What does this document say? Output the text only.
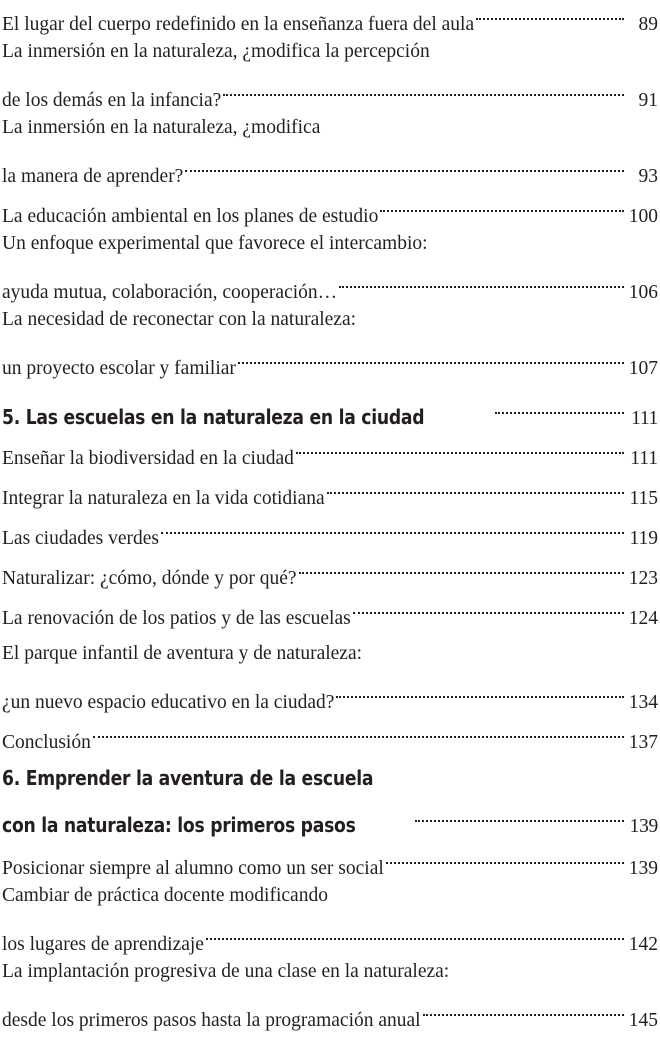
El lugar del cuerpo redefinido en la enseñanza fuera del aula	89
La inmersión en la naturaleza, ¿modifica la percepción
de los demás en la infancia?	91
La inmersión en la naturaleza, ¿modifica
la manera de aprender?	93
La educación ambiental en los planes de estudio	100
Un enfoque experimental que favorece el intercambio:
ayuda mutua, colaboración, cooperación…	106
La necesidad de reconectar con la naturaleza:
un proyecto escolar y familiar	107
5. Las escuelas en la naturaleza en la ciudad	111
Enseñar la biodiversidad en la ciudad	111
Integrar la naturaleza en la vida cotidiana	115
Las ciudades verdes	119
Naturalizar: ¿cómo, dónde y por qué?	123
La renovación de los patios y de las escuelas	124
El parque infantil de aventura y de naturaleza:
¿un nuevo espacio educativo en la ciudad?	134
Conclusión	137
6. Emprender la aventura de la escuela
con la naturaleza: los primeros pasos	139
Posicionar siempre al alumno como un ser social	139
Cambiar de práctica docente modificando
los lugares de aprendizaje	142
La implantación progresiva de una clase en la naturaleza:
desde los primeros pasos hasta la programación anual	145
